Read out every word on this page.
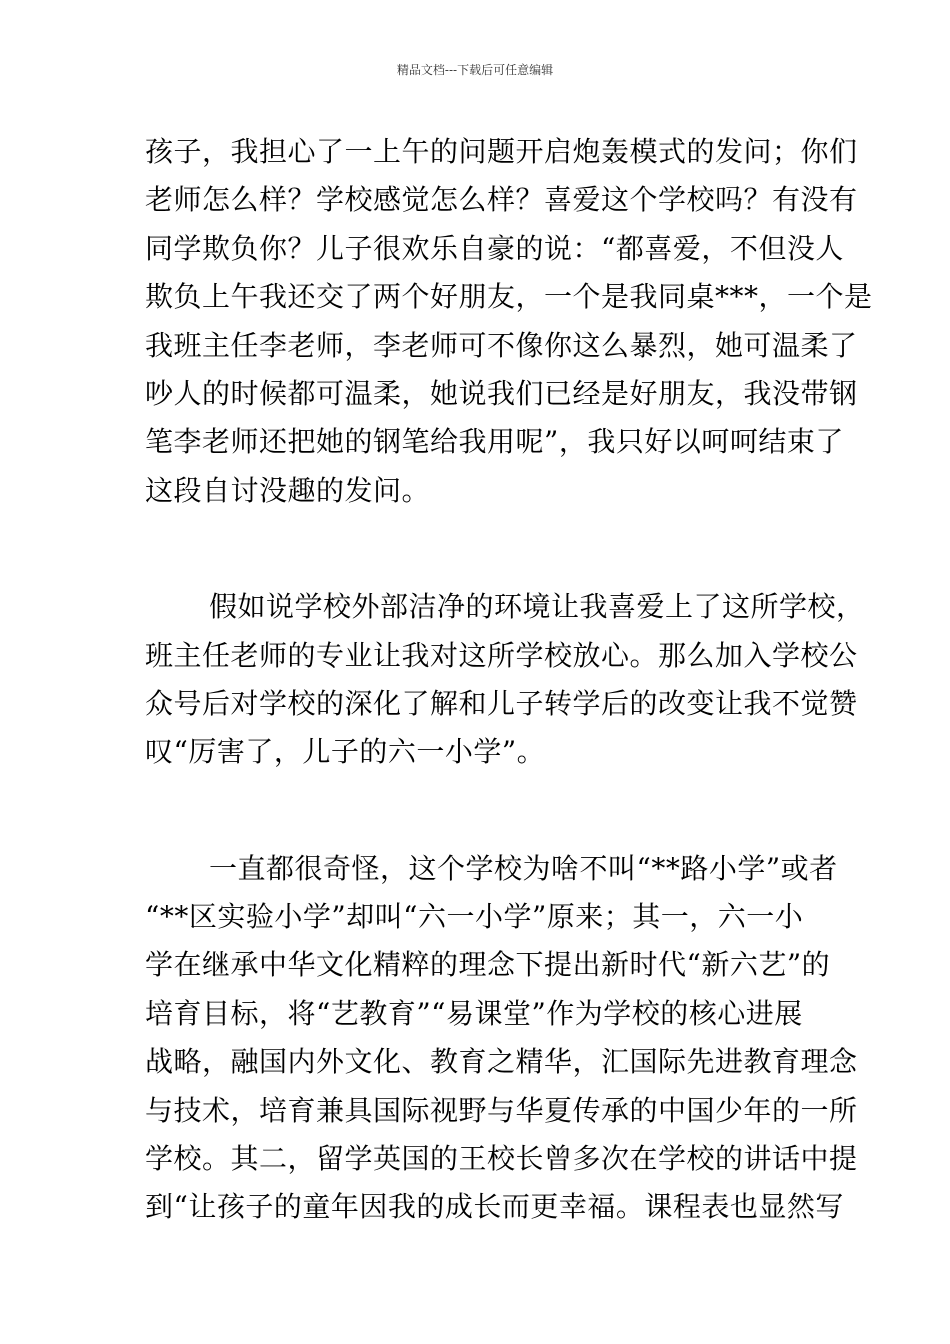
精品文档---下载后可任意编辑
孩子，我担心了一上午的问题开启炮轰模式的发问；你们
老师怎么样？学校感觉怎么样？喜爱这个学校吗？有没有
同学欺负你？儿子很欢乐自豪的说：“都喜爱，不但没人
欺负上午我还交了两个好朋友，一个是我同桌***，一个是
我班主任李老师，李老师可不像你这么暴烈，她可温柔了
吵人的时候都可温柔，她说我们已经是好朋友，我没带钢
笔李老师还把她的钢笔给我用呢”，我只好以呵呵结束了
这段自讨没趣的发问。
假如说学校外部洁净的环境让我喜爱上了这所学校，
班主任老师的专业让我对这所学校放心。那么加入学校公
众号后对学校的深化了解和儿子转学后的改变让我不觉赞
叹“厉害了，儿子的六一小学”。
一直都很奇怪，这个学校为啥不叫“**路小学”或者
“**区实验小学”却叫“六一小学”原来；其一，六一小
学在继承中华文化精粹的理念下提出新时代“新六艺”的
培育目标，将“艺教育”“易课堂”作为学校的核心进展
战略，融国内外文化、教育之精华，汇国际先进教育理念
与技术，培育兼具国际视野与华夏传承的中国少年的一所
学校。其二，留学英国的王校长曾多次在学校的讲话中提
到“让孩子的童年因我的成长而更幸福。课程表也显然写
